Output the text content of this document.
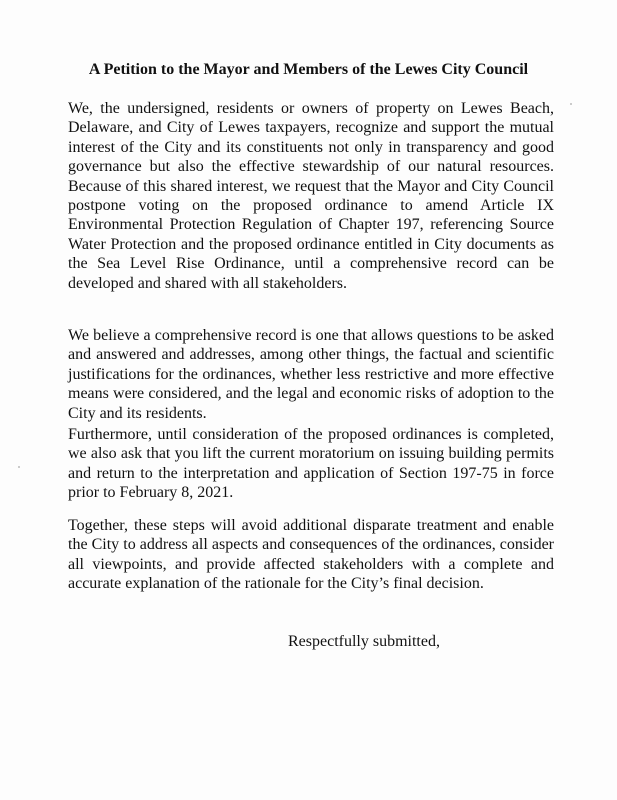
A Petition to the Mayor and Members of the Lewes City Council

We, the undersigned, residents or owners of property on Lewes Beach, Delaware, and City of Lewes taxpayers, recognize and support the mutual interest of the City and its constituents not only in transparency and good governance but also the effective stewardship of our natural resources. Because of this shared interest, we request that the Mayor and City Council postpone voting on the proposed ordinance to amend Article IX Environmental Protection Regulation of Chapter 197, referencing Source Water Protection and the proposed ordinance entitled in City documents as the Sea Level Rise Ordinance, until a comprehensive record can be developed and shared with all stakeholders.

We believe a comprehensive record is one that allows questions to be asked and answered and addresses, among other things, the factual and scientific justifications for the ordinances, whether less restrictive and more effective means were considered, and the legal and economic risks of adoption to the City and its residents.

Furthermore, until consideration of the proposed ordinances is completed, we also ask that you lift the current moratorium on issuing building permits and return to the interpretation and application of Section 197-75 in force prior to February 8, 2021.

Together, these steps will avoid additional disparate treatment and enable the City to address all aspects and consequences of the ordinances, consider all viewpoints, and provide affected stakeholders with a complete and accurate explanation of the rationale for the City’s final decision.

Respectfully submitted,
